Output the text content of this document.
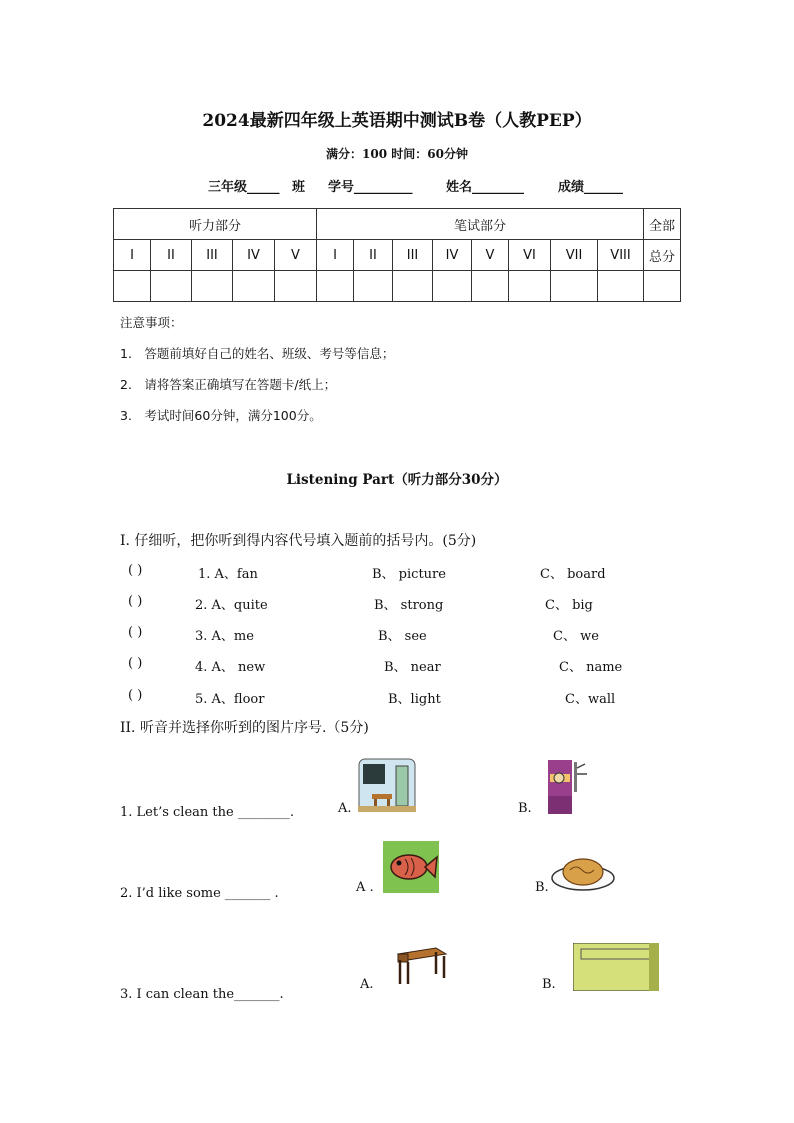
2024最新四年级上英语期中测试B卷（人教PEP）
满分：100 时间：60分钟
三年级_____ 班 学号_________	姓名________	成绩______
听力部分					笔试部分								全部
I	II	III	IV	V	I	II	III	IV	V	VI	VII	VIII	总分

注意事项：
1. 答题前填好自己的姓名、班级、考号等信息；
2. 请将答案正确填写在答题卡/纸上；
3. 考试时间60分钟，满分100分。
Listening Part（听力部分30分）
I. 仔细听，把你听到得内容代号填入题前的括号内。(5分)
( )	1. A、fan	B、 picture	C、 board
( )	2. A、quite	B、 strong	C、 big
( )	3. A、me	B、 see	C、 we
( )	4. A、 new	B、 near	C、 name
( )	5. A、floor	B、light	C、wall
II. 听音并选择你听到的图片序号.（5分)
1. Let’s clean the ________.	A.	B.
2. I’d like some _______ .	A .	B.
3. I can clean the_______.
A.	B.
